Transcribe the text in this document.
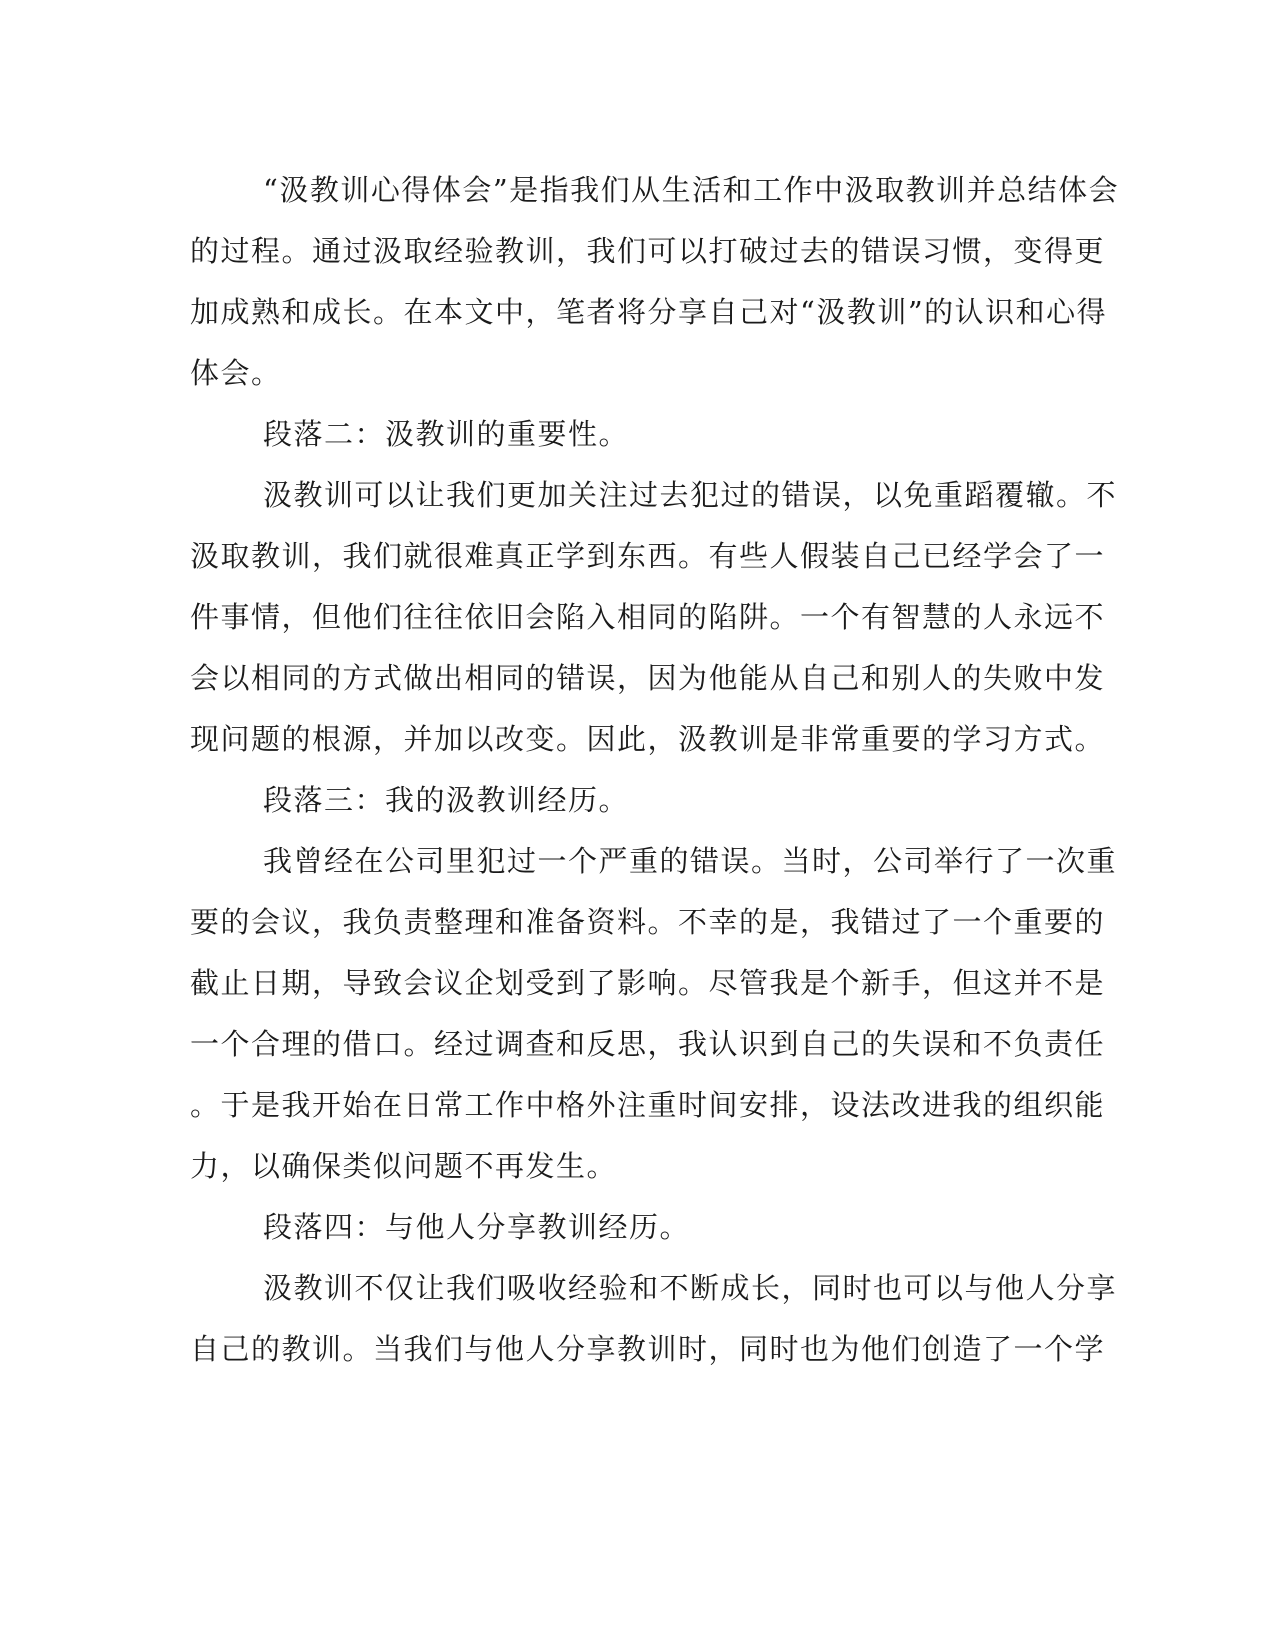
“汲教训心得体会”是指我们从生活和工作中汲取教训并总结体会
的过程。通过汲取经验教训，我们可以打破过去的错误习惯，变得更
加成熟和成长。在本文中，笔者将分享自己对“汲教训”的认识和心得
体会。
段落二：汲教训的重要性。
汲教训可以让我们更加关注过去犯过的错误，以免重蹈覆辙。不
汲取教训，我们就很难真正学到东西。有些人假装自己已经学会了一
件事情，但他们往往依旧会陷入相同的陷阱。一个有智慧的人永远不
会以相同的方式做出相同的错误，因为他能从自己和别人的失败中发
现问题的根源，并加以改变。因此，汲教训是非常重要的学习方式。
段落三：我的汲教训经历。
我曾经在公司里犯过一个严重的错误。当时，公司举行了一次重
要的会议，我负责整理和准备资料。不幸的是，我错过了一个重要的
截止日期，导致会议企划受到了影响。尽管我是个新手，但这并不是
一个合理的借口。经过调查和反思，我认识到自己的失误和不负责任
。于是我开始在日常工作中格外注重时间安排，设法改进我的组织能
力，以确保类似问题不再发生。
段落四：与他人分享教训经历。
汲教训不仅让我们吸收经验和不断成长，同时也可以与他人分享
自己的教训。当我们与他人分享教训时，同时也为他们创造了一个学
